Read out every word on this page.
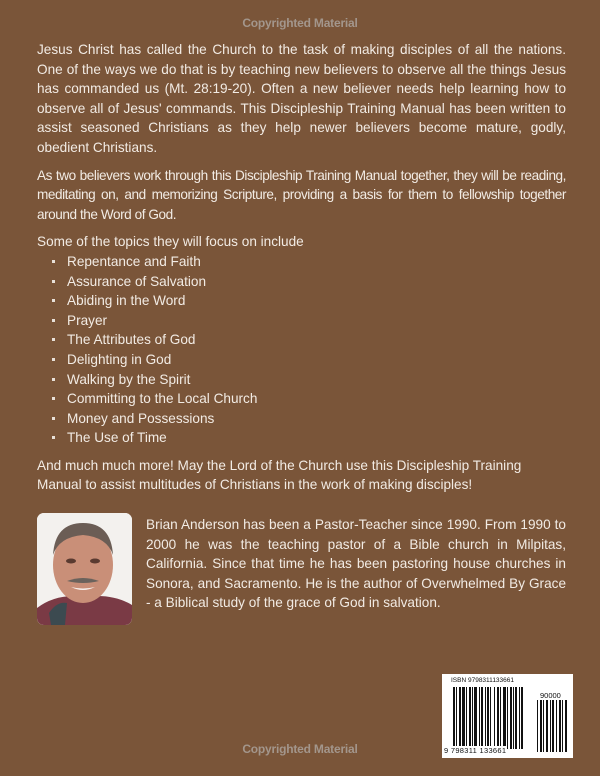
Copyrighted Material

Jesus Christ has called the Church to the task of making disciples of all the nations. One of the ways we do that is by teaching new believers to observe all the things Jesus has commanded us (Mt. 28:19-20). Often a new believer needs help learning how to observe all of Jesus' commands. This Discipleship Training Manual has been written to assist seasoned Christians as they help newer believers become mature, godly, obedient Christians.

As two believers work through this Discipleship Training Manual together, they will be reading, meditating on, and memorizing Scripture, providing a basis for them to fellowship together around the Word of God.

Some of the topics they will focus on include

Repentance and Faith
Assurance of Salvation
Abiding in the Word
Prayer
The Attributes of God
Delighting in God
Walking by the Spirit
Committing to the Local Church
Money and Possessions
The Use of Time

And much much more! May the Lord of the Church use this Discipleship Training Manual to assist multitudes of Christians in the work of making disciples!

Brian Anderson has been a Pastor-Teacher since 1990. From 1990 to 2000 he was the teaching pastor of a Bible church in Milpitas, California. Since that time he has been pastoring house churches in Sonora, and Sacramento. He is the author of Overwhelmed By Grace - a Biblical study of the grace of God in salvation.

ISBN 9798311133661
90000
9 798311 133661
Copyrighted Material
